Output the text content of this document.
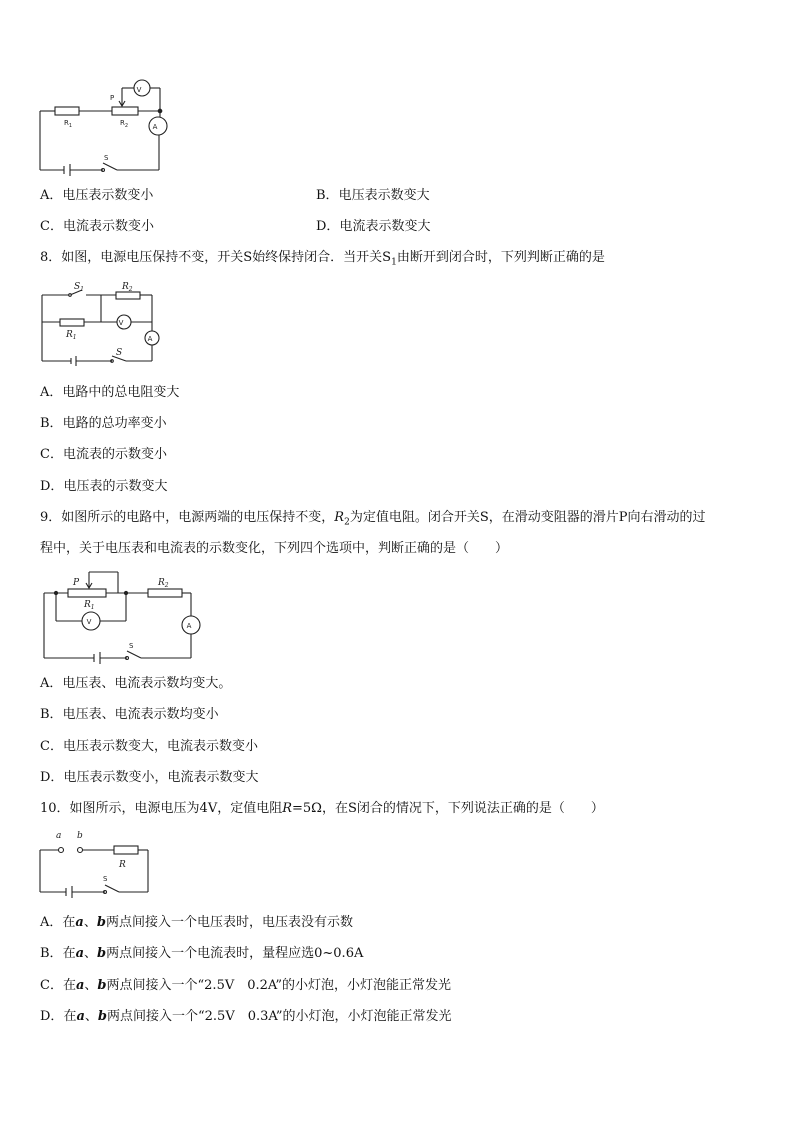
P
V
A
$R_1$	$R_2$
S
A．电压表示数变小	B．电压表示数变大
C．电流表示数变小	D．电流表示数变大
8．如图，电源电压保持不变，开关S始终保持闭合．当开关$S_1$由断开到闭合时，下列判断正确的是
$S_1$	$R_2$
$R_1$
S
V
A
A．电路中的总电阻变大
B．电路的总功率变小
C．电流表的示数变小
D．电压表的示数变大
9．如图所示的电路中，电源两端的电压保持不变，$R_2$为定值电阻。闭合开关S，在滑动变阻器的滑片P向右滑动的过
程中，关于电压表和电流表的示数变化，下列四个选项中，判断正确的是（　　）
P
$R_1$
$R_2$
S
V	A
A．电压表、电流表示数均变大。
B．电压表、电流表示数均变小
C．电压表示数变大，电流表示数变小
D．电压表示数变小，电流表示数变大
10．如图所示，电源电压为4V，定值电阻R=5Ω，在S闭合的情况下，下列说法正确的是（　　）
a b
R
S
A．在a、b两点间接入一个电压表时，电压表没有示数
B．在a、b两点间接入一个电流表时，量程应选0~0.6A
C．在a、b两点间接入一个“2.5V　0.2A”的小灯泡，小灯泡能正常发光
D．在a、b两点间接入一个“2.5V　0.3A”的小灯泡，小灯泡能正常发光
